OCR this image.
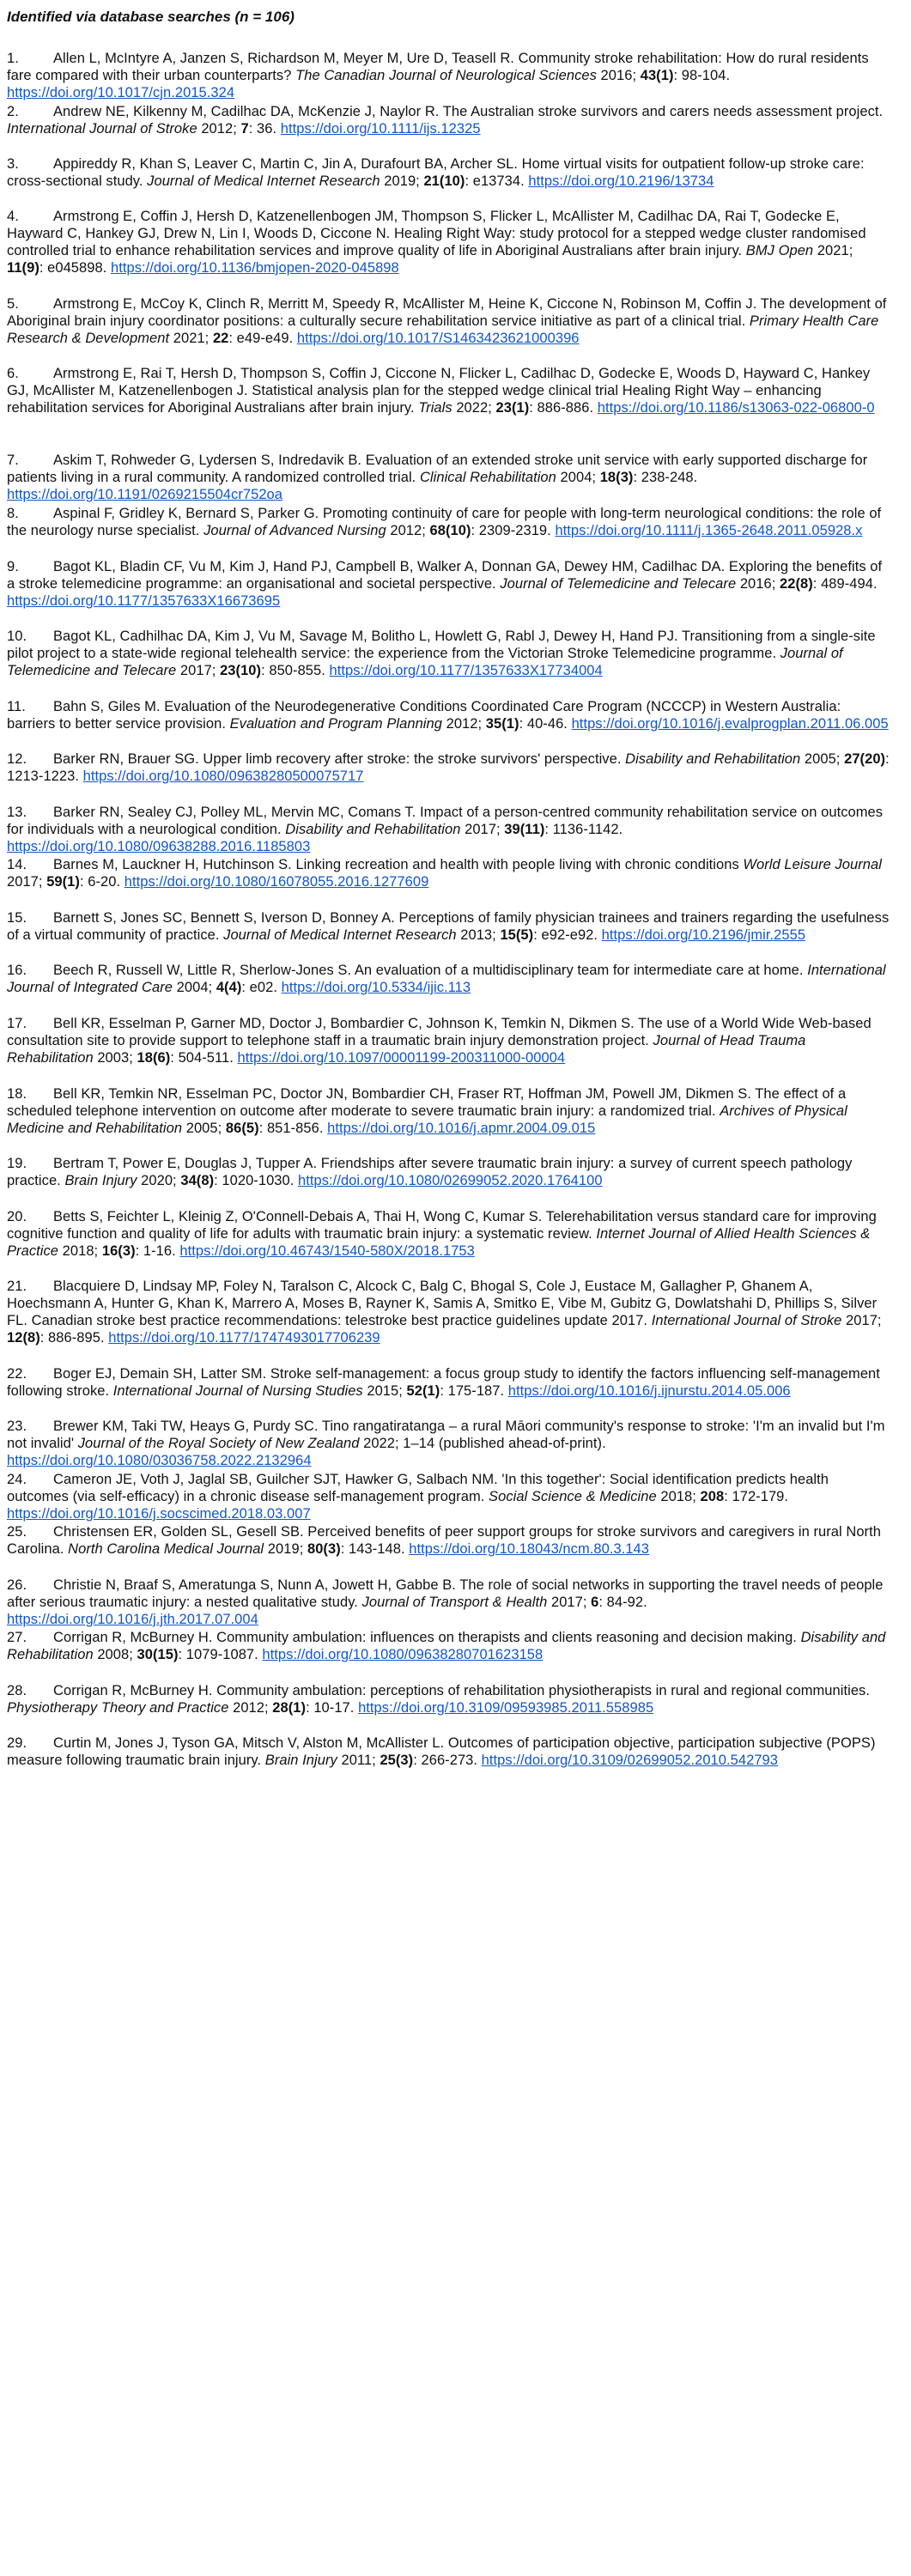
Identified via database searches (n = 106)
1. Allen L, McIntyre A, Janzen S, Richardson M, Meyer M, Ure D, Teasell R. Community stroke rehabilitation: How do rural residents fare compared with their urban counterparts? The Canadian Journal of Neurological Sciences 2016; 43(1): 98-104. https://doi.org/10.1017/cjn.2015.324
2. Andrew NE, Kilkenny M, Cadilhac DA, McKenzie J, Naylor R. The Australian stroke survivors and carers needs assessment project. International Journal of Stroke 2012; 7: 36. https://doi.org/10.1111/ijs.12325
3. Appireddy R, Khan S, Leaver C, Martin C, Jin A, Durafourt BA, Archer SL. Home virtual visits for outpatient follow-up stroke care: cross-sectional study. Journal of Medical Internet Research 2019; 21(10): e13734. https://doi.org/10.2196/13734
4. Armstrong E, Coffin J, Hersh D, Katzenellenbogen JM, Thompson S, Flicker L, McAllister M, Cadilhac DA, Rai T, Godecke E, Hayward C, Hankey GJ, Drew N, Lin I, Woods D, Ciccone N. Healing Right Way: study protocol for a stepped wedge cluster randomised controlled trial to enhance rehabilitation services and improve quality of life in Aboriginal Australians after brain injury. BMJ Open 2021; 11(9): e045898. https://doi.org/10.1136/bmjopen-2020-045898
5. Armstrong E, McCoy K, Clinch R, Merritt M, Speedy R, McAllister M, Heine K, Ciccone N, Robinson M, Coffin J. The development of Aboriginal brain injury coordinator positions: a culturally secure rehabilitation service initiative as part of a clinical trial. Primary Health Care Research & Development 2021; 22: e49-e49. https://doi.org/10.1017/S1463423621000396
6. Armstrong E, Rai T, Hersh D, Thompson S, Coffin J, Ciccone N, Flicker L, Cadilhac D, Godecke E, Woods D, Hayward C, Hankey GJ, McAllister M, Katzenellenbogen J. Statistical analysis plan for the stepped wedge clinical trial Healing Right Way – enhancing rehabilitation services for Aboriginal Australians after brain injury. Trials 2022; 23(1): 886-886. https://doi.org/10.1186/s13063-022-06800-0
7. Askim T, Rohweder G, Lydersen S, Indredavik B. Evaluation of an extended stroke unit service with early supported discharge for patients living in a rural community. A randomized controlled trial. Clinical Rehabilitation 2004; 18(3): 238-248. https://doi.org/10.1191/0269215504cr752oa
8. Aspinal F, Gridley K, Bernard S, Parker G. Promoting continuity of care for people with long-term neurological conditions: the role of the neurology nurse specialist. Journal of Advanced Nursing 2012; 68(10): 2309-2319. https://doi.org/10.1111/j.1365-2648.2011.05928.x
9. Bagot KL, Bladin CF, Vu M, Kim J, Hand PJ, Campbell B, Walker A, Donnan GA, Dewey HM, Cadilhac DA. Exploring the benefits of a stroke telemedicine programme: an organisational and societal perspective. Journal of Telemedicine and Telecare 2016; 22(8): 489-494. https://doi.org/10.1177/1357633X16673695
10. Bagot KL, Cadhilhac DA, Kim J, Vu M, Savage M, Bolitho L, Howlett G, Rabl J, Dewey H, Hand PJ. Transitioning from a single-site pilot project to a state-wide regional telehealth service: the experience from the Victorian Stroke Telemedicine programme. Journal of Telemedicine and Telecare 2017; 23(10): 850-855. https://doi.org/10.1177/1357633X17734004
11. Bahn S, Giles M. Evaluation of the Neurodegenerative Conditions Coordinated Care Program (NCCCP) in Western Australia: barriers to better service provision. Evaluation and Program Planning 2012; 35(1): 40-46. https://doi.org/10.1016/j.evalprogplan.2011.06.005
12. Barker RN, Brauer SG. Upper limb recovery after stroke: the stroke survivors' perspective. Disability and Rehabilitation 2005; 27(20): 1213-1223. https://doi.org/10.1080/09638280500075717
13. Barker RN, Sealey CJ, Polley ML, Mervin MC, Comans T. Impact of a person-centred community rehabilitation service on outcomes for individuals with a neurological condition. Disability and Rehabilitation 2017; 39(11): 1136-1142. https://doi.org/10.1080/09638288.2016.1185803
14. Barnes M, Lauckner H, Hutchinson S. Linking recreation and health with people living with chronic conditions World Leisure Journal 2017; 59(1): 6-20. https://doi.org/10.1080/16078055.2016.1277609
15. Barnett S, Jones SC, Bennett S, Iverson D, Bonney A. Perceptions of family physician trainees and trainers regarding the usefulness of a virtual community of practice. Journal of Medical Internet Research 2013; 15(5): e92-e92. https://doi.org/10.2196/jmir.2555
16. Beech R, Russell W, Little R, Sherlow-Jones S. An evaluation of a multidisciplinary team for intermediate care at home. International Journal of Integrated Care 2004; 4(4): e02. https://doi.org/10.5334/ijic.113
17. Bell KR, Esselman P, Garner MD, Doctor J, Bombardier C, Johnson K, Temkin N, Dikmen S. The use of a World Wide Web-based consultation site to provide support to telephone staff in a traumatic brain injury demonstration project. Journal of Head Trauma Rehabilitation 2003; 18(6): 504-511. https://doi.org/10.1097/00001199-200311000-00004
18. Bell KR, Temkin NR, Esselman PC, Doctor JN, Bombardier CH, Fraser RT, Hoffman JM, Powell JM, Dikmen S. The effect of a scheduled telephone intervention on outcome after moderate to severe traumatic brain injury: a randomized trial. Archives of Physical Medicine and Rehabilitation 2005; 86(5): 851-856. https://doi.org/10.1016/j.apmr.2004.09.015
19. Bertram T, Power E, Douglas J, Tupper A. Friendships after severe traumatic brain injury: a survey of current speech pathology practice. Brain Injury 2020; 34(8): 1020-1030. https://doi.org/10.1080/02699052.2020.1764100
20. Betts S, Feichter L, Kleinig Z, O'Connell-Debais A, Thai H, Wong C, Kumar S. Telerehabilitation versus standard care for improving cognitive function and quality of life for adults with traumatic brain injury: a systematic review. Internet Journal of Allied Health Sciences & Practice 2018; 16(3): 1-16. https://doi.org/10.46743/1540-580X/2018.1753
21. Blacquiere D, Lindsay MP, Foley N, Taralson C, Alcock C, Balg C, Bhogal S, Cole J, Eustace M, Gallagher P, Ghanem A, Hoechsmann A, Hunter G, Khan K, Marrero A, Moses B, Rayner K, Samis A, Smitko E, Vibe M, Gubitz G, Dowlatshahi D, Phillips S, Silver FL. Canadian stroke best practice recommendations: telestroke best practice guidelines update 2017. International Journal of Stroke 2017; 12(8): 886-895. https://doi.org/10.1177/1747493017706239
22. Boger EJ, Demain SH, Latter SM. Stroke self-management: a focus group study to identify the factors influencing self-management following stroke. International Journal of Nursing Studies 2015; 52(1): 175-187. https://doi.org/10.1016/j.ijnurstu.2014.05.006
23. Brewer KM, Taki TW, Heays G, Purdy SC. Tino rangatiratanga – a rural Māori community's response to stroke: 'I'm an invalid but I'm not invalid' Journal of the Royal Society of New Zealand 2022; 1–14 (published ahead-of-print). https://doi.org/10.1080/03036758.2022.2132964
24. Cameron JE, Voth J, Jaglal SB, Guilcher SJT, Hawker G, Salbach NM. 'In this together': Social identification predicts health outcomes (via self-efficacy) in a chronic disease self-management program. Social Science & Medicine 2018; 208: 172-179. https://doi.org/10.1016/j.socscimed.2018.03.007
25. Christensen ER, Golden SL, Gesell SB. Perceived benefits of peer support groups for stroke survivors and caregivers in rural North Carolina. North Carolina Medical Journal 2019; 80(3): 143-148. https://doi.org/10.18043/ncm.80.3.143
26. Christie N, Braaf S, Ameratunga S, Nunn A, Jowett H, Gabbe B. The role of social networks in supporting the travel needs of people after serious traumatic injury: a nested qualitative study. Journal of Transport & Health 2017; 6: 84-92. https://doi.org/10.1016/j.jth.2017.07.004
27. Corrigan R, McBurney H. Community ambulation: influences on therapists and clients reasoning and decision making. Disability and Rehabilitation 2008; 30(15): 1079-1087. https://doi.org/10.1080/09638280701623158
28. Corrigan R, McBurney H. Community ambulation: perceptions of rehabilitation physiotherapists in rural and regional communities. Physiotherapy Theory and Practice 2012; 28(1): 10-17. https://doi.org/10.3109/09593985.2011.558985
29. Curtin M, Jones J, Tyson GA, Mitsch V, Alston M, McAllister L. Outcomes of participation objective, participation subjective (POPS) measure following traumatic brain injury. Brain Injury 2011; 25(3): 266-273. https://doi.org/10.3109/02699052.2010.542793
